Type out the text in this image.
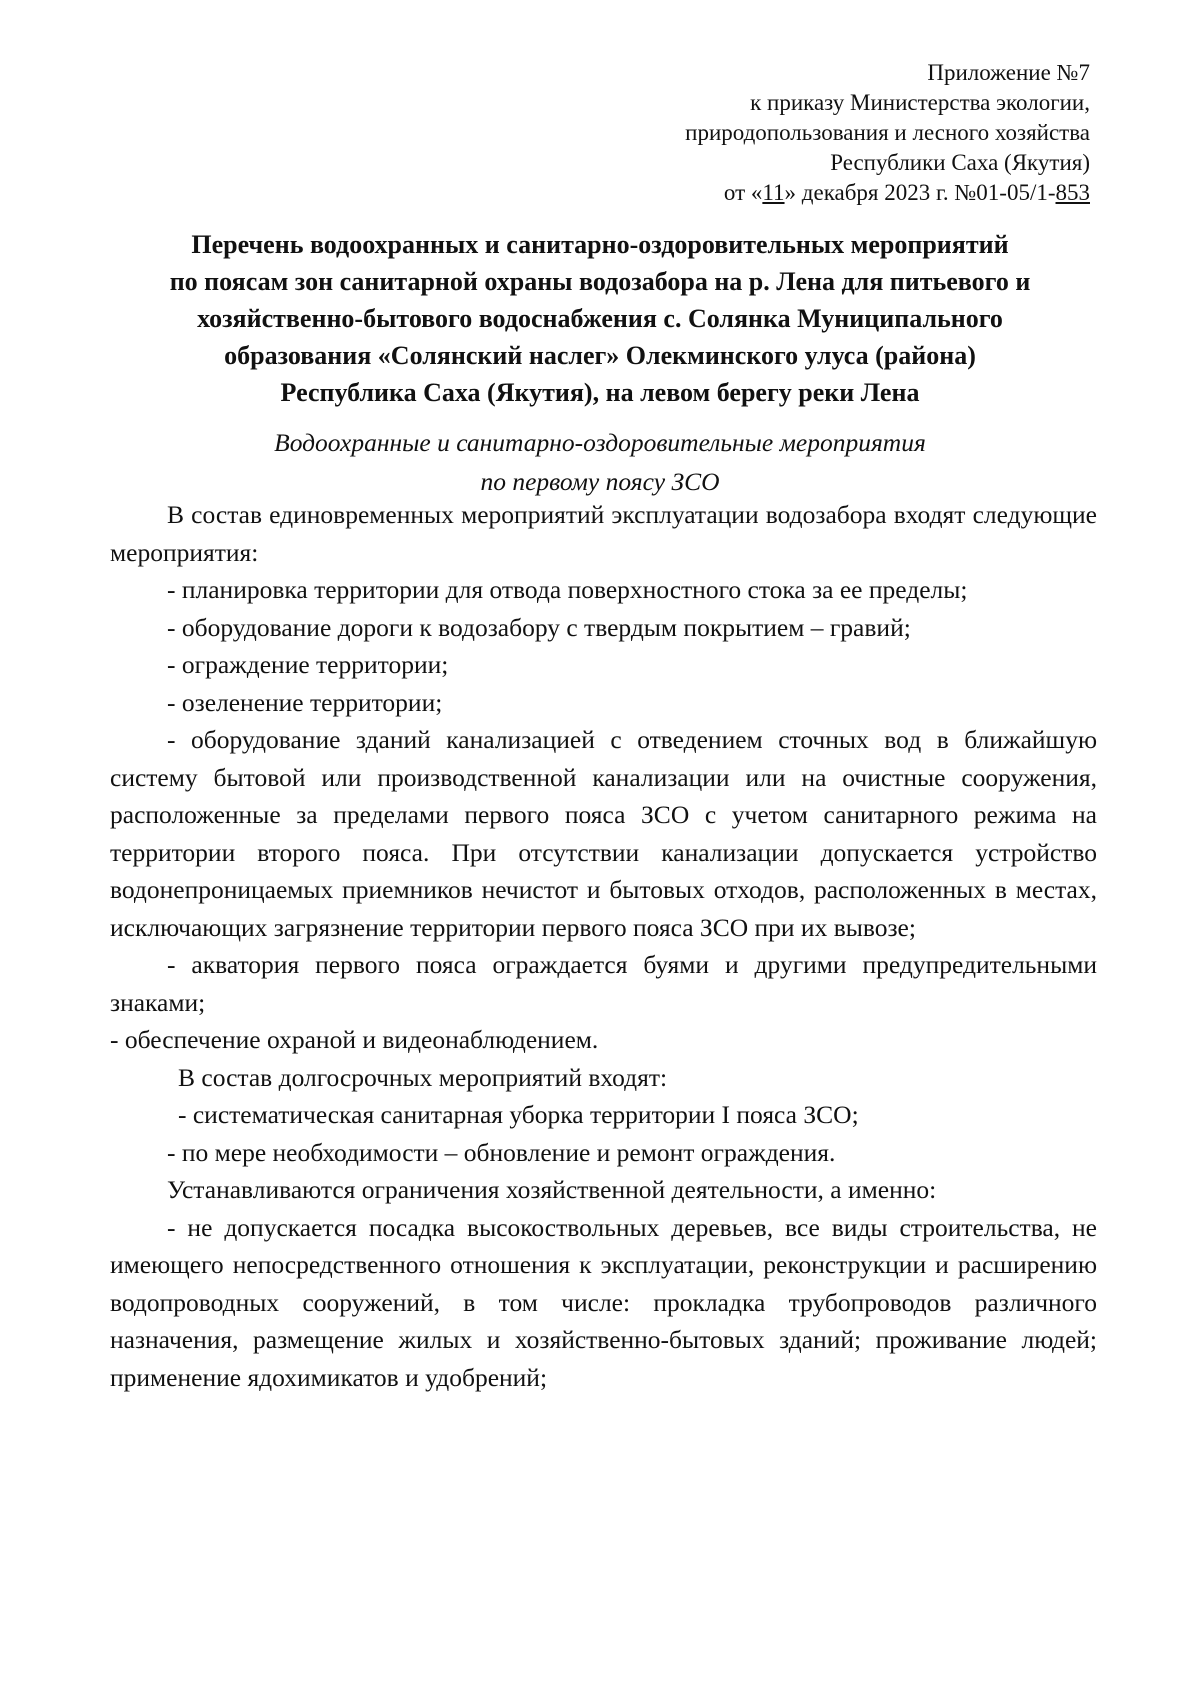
Приложение №7
к приказу Министерства экологии,
природопользования и лесного хозяйства
Республики Саха (Якутия)
от «11» декабря 2023 г. №01-05/1-853
Перечень водоохранных и санитарно-оздоровительных мероприятий
по поясам зон санитарной охраны водозабора на р. Лена для питьевого и
хозяйственно-бытового водоснабжения с. Солянка Муниципального
образования «Солянский наслег» Олекминского улуса (района)
Республика Саха (Якутия), на левом берегу реки Лена
Водоохранные и санитарно-оздоровительные мероприятия
по первому поясу ЗСО

В состав единовременных мероприятий эксплуатации водозабора входят следующие мероприятия:

- планировка территории для отвода поверхностного стока за ее пределы;

- оборудование дороги к водозабору с твердым покрытием – гравий;

- ограждение территории;

- озеленение территории;

- оборудование зданий канализацией с отведением сточных вод в ближайшую систему бытовой или производственной канализации или на очистные сооружения, расположенные за пределами первого пояса ЗСО с учетом санитарного режима на территории второго пояса. При отсутствии канализации допускается устройство водонепроницаемых приемников нечистот и бытовых отходов, расположенных в местах, исключающих загрязнение территории первого пояса ЗСО при их вывозе;

- акватория первого пояса ограждается буями и другими предупредительными знаками;

- обеспечение охраной и видеонаблюдением.

В состав долгосрочных мероприятий входят:

- систематическая санитарная уборка территории I пояса ЗСО;

- по мере необходимости – обновление и ремонт ограждения.

Устанавливаются ограничения хозяйственной деятельности, а именно:

- не допускается посадка высокоствольных деревьев, все виды строительства, не имеющего непосредственного отношения к эксплуатации, реконструкции и расширению водопроводных сооружений, в том числе: прокладка трубопроводов различного назначения, размещение жилых и хозяйственно-бытовых зданий; проживание людей; применение ядохимикатов и удобрений;
